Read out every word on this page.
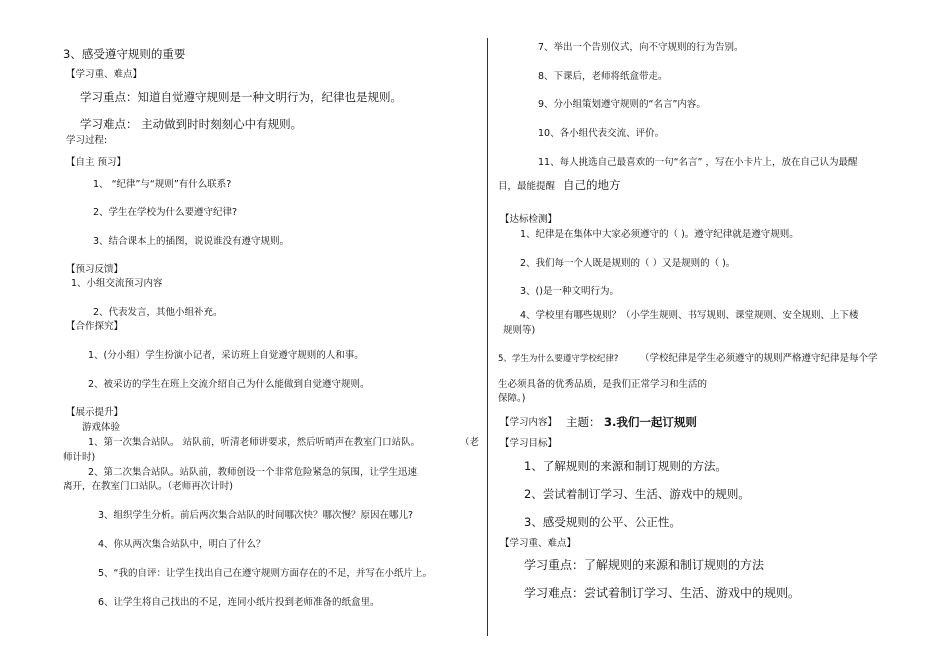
3、感受遵守规则的重要
【学习重、难点】
学习重点：知道自觉遵守规则是一种文明行为，纪律也是规则。
学习难点： 主动做到时时刻刻心中有规则。
学习过程:
【自主 预习】
1、 “纪律”与“规则”有什么联系?
2、学生在学校为什么要遵守纪律?
3、结合课本上的插图，说说谁没有遵守规则。
【预习反馈】
1、小组交流预习内容
2、代表发言，其他小组补充。
【合作探究】
1、(分小组）学生扮演小记者，采访班上自觉遵守规则的人和事。
2、被采访的学生在班上交流介绍自己为什么能做到自觉遵守规则。
【展示提升】
游戏体验
1、第一次集合站队。 站队前，听清老师讲要求，然后听哨声在教室门口站队。	（老
师计时)
2、第二次集合站队。站队前，教师创设一个非常危险紧急的氛围，让学生迅速
离开，在教室门口站队。（老师再次计时)
3、组织学生分析。前后两次集合站队的时间哪次快？哪次慢？原因在哪儿?
4、你从两次集合站队中，明白了什么？
5、“我的自评：让学生找出自己在遵守规则方面存在的不足，并写在小纸片上。
6、让学生将自己找出的不足，连同小纸片投到老师准备的纸盒里。
7、举出一个告别仪式，向不守规则的行为告别。
8、下课后，老师将纸盒带走。
9、分小组策划遵守规则的“名言”内容。
10、各小组代表交流、评价。
11、每人挑选自己最喜欢的一句“名言” ，写在小卡片上，放在自己认为最醒
目，最能提醒 自己的地方
【达标检测】
1、纪律是在集体中大家必须遵守的（ )。遵守纪律就是遵守规则。
2、我们每一个人既是规则的（ ）又是规则的（ )。
3、()是一种文明行为。
4、学校里有哪些规则？（小学生规则、书写规则、课堂规则、安全规则、上下楼
规则等)
5、学生为什么要遵守学校纪律? （学校纪律是学生必须遵守的规则严格遵守纪律是每个学
生必须具备的优秀品质，是我们正常学习和生活的
保障。)
【学习内容】 主题： 3.我们一起订规则
【学习目标】
1、了解规则的来源和制订规则的方法。
2、尝试着制订学习、生活、游戏中的规则。
3、感受规则的公平、公正性。
【学习重、难点】
学习重点：了解规则的来源和制订规则的方法
学习难点：尝试着制订学习、生活、游戏中的规则。
